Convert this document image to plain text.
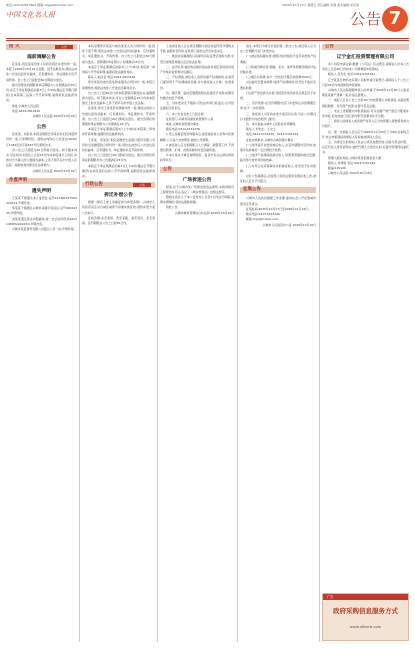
电话:(0414)2813801 邮箱:xfggs@bxrbxp.com
中国文化名人报
2020年10月17日 星期五 责任编辑:李静 美术编辑:李佳雨
公告 7
招 天	公告
庭前调解公告

张某某,因张某某诉你人民政府拆迁补偿纠纷一案,本院于2020年10月16日受理。因无法联系你,现依法向你公告送达起诉状副本、应诉通知书、举证通知书及开庭传票。自公告之日起经过60日即视为送达。

提出答辩状的期限和举证期限为公告期满后的15日内,并定于举证期满后的第3日上午9时(遇法定节假日顺延)在本院第三法庭公开开庭审理,逾期将依法缺席判决。

地址:兴城市人民法院

电话:0414-2813520

兴城市人民法院 2020年10月16日
公告

张某某、刘某某:本院受理原告李某诉你们民间借贷纠纷一案,已审理终结。现依法向你们公告送达(2020)辽1481民初字第567号民事判决书。

自公告之日起经过60日即视为送达。如不服本判决,可在判决书送达之日起15日内向本院递交上诉状,并按对方当事人的人数提出副本,上诉于葫芦岛市中级人民法院。逾期本判决即发生法律效力。

兴城市人民法院 2020年10月16日
作废声明
遗失声明

王某某不慎遗失本人身份证,证号2114811975XXXX0213,声明作废。

李某某不慎遗失兴城市房屋所有权证,证号00012345,声明作废。

刘某某遗失营业执照副本,统一社会信用代码92211481MA0XXXXX,声明作废。

兴城市某某商贸有限公司遗失公章一枚,声明作废。

本院受理原告某某与被告某某买卖合同纠纷一案,因你下落不明,现依法向你公告送达起诉状副本、应诉通知书、举证通知书、开庭传票。自公告之日起经过30日即视为送达。答辩期和举证期为公告期满后15日内。

本案定于举证期满后的第3日上午9时在本院第一审判庭公开开庭审理,逾期将依法缺席判决。

联系人:赵法官 电话:0414-2813518

原告某某诉被告某某物业服务合同纠纷一案,本院已审理终结,现依法向你公告送达民事判决书。

自公告之日起60日内来本院领取民事判决书,逾期即视为送达。如不服本判决,可在公告期满后15日内向本院递交上诉状及副本,上诉于葫芦岛市中级人民法院。

张某某:原告王某某诉你离婚纠纷一案,现依法向你公告送达起诉状副本、应诉通知书、举证通知书、开庭传票。自公告之日起经过60日即视为送达。提出答辩状的期限和举证期限为公告期满后15日内。

本案定于举证期满后第3日上午9时在本院第二审判庭开庭审理,逾期将依法缺席判决。

王某某、李某某:本院受理原告某银行股份有限公司诉你们金融借款合同纠纷一案,现依法向你们公告送达起诉状副本、应诉通知书、举证通知书及开庭传票。

自公告之日起经过30日即视为送达。提出答辩状和举证的期限均为公告期满后15日内。

本院定于举证期满后的第3日上午9时(遇法定节假日顺延)在本院第四法庭公开开庭审理,逾期将依法缺席判决。

行政公告	公告
拆迁补偿公告

根据《国有土地上房屋征收与补偿条例》,兴城市人民政府决定对古城区域部分房屋实施征收,现将补偿方案公告如下。

征收范围:东至某街、西至某路、南至某河、北至某巷。签约期限自公告之日起30日内。

上述被征收人应在规定期限内到征收指挥部办理相关手续,逾期未签约的,征收部门将依法作出补偿决定。

一、被征收房屋面积以房屋所有权证登记面积为准;未登记建筑经调查认定后依法处理。

二、货币补偿:被征收房屋价值由具有相应资质的房地产价格评估机构评估确定。

三、产权调换:被征收人选择房屋产权调换的,征收部门提供用于产权调换的房屋,并与被征收人计算、结清差价。

四、搬迁费、临时安置费按相关标准给予补助;按期签约搬迁的给予奖励。

五、对补偿决定不服的,可依法申请行政复议,也可依法提起行政诉讼。

六、本公告自发布之日起生效。

征收部门:兴城市房屋征收管理办公室

地址:兴城市某街道办事处

联系电话:0414-5151236

1.设立房屋征收咨询服务点,接受被征收人咨询与政策解释,公示各户补偿情况,做到公开透明。

2.被征收人应当积极配合入户调查、测量等工作,不得擅自新建、扩建、改建房屋和改变房屋用途。

3.本方案未尽事宜按照国家、省及市有关法律法规和政策执行。

公告
广场拆违公告

经查,位于兴城市某广场周边的违法建筑,未取得建设工程规划许可证,违反了《城乡规划法》的相关规定。

限相关责任人于本公告发布之日起7日内自行拆除,逾期未拆除的,将依法强制拆除。

特此公告。

兴城市城市管理综合执法局 2020年10月16日

备注:本项目为拆迁补偿的第二批次公告,被征收人应当在公告期限内签订补偿协议。

(一)被征收房屋补偿:按照评估价格给予货币补偿或产权调换。

(二)附属设施补偿:围墙、水井、地坪等附属设施按评估价格补偿。

(三)搬迁补助费:每户一次性给予搬迁补助费3000元。

(四)临时安置补助费:选择产权调换的,按月给予临时安置补助费。

(五)停产停业损失补偿:对经营性用房按有关规定给予补偿。

二、签约奖励:在签约期限内签订补偿协议并按期搬迁的,给予一次性奖励。

三、被征收人对征收补偿方案有异议的,可在公告期内以书面形式向征收部门提出。

四、本方案由兴城市人民政府负责解释。

联系人:刘先生、王女士

电话:0414-5151238、0414-5151239

征收实施单位:兴城市古城街道办事处

(一)选择货币补偿的被征收人,在签约期限内签约的,按照评估价格的一定比例给予奖励。

(二)选择产权调换的被征收人,按照套型面积就近安置,超出部分按市场价格结算。

(三)对符合住房保障条件的被征收人,优先给予住房保障。

(四)公告期满后,征收部门将依法组织实施征收工作,被征收人应当予以配合。

征集公告

兴城市人民政府根据工作需要,面向社会公开征集城市建设意见建议。

征集时间:2020年10月17日至2020年11月16日。

联系电话:0414-5151240

邮箱:xcjs@bxrbxp.com

兴城市人民政府办公室 2020年10月16日
公告
辽宁金汇投资管理有限公司

本公司拟申请注销,根据《公司法》有关规定,请债权人自本公告发布之日起45日内向本公司清算组申报债权。

联系人:张先生 电话:0414-5151241

辽宁某某生物科技有限公司拟申请注销登记,请债权人于公告之日起45日内向清算组申报债权。

兴城市人民法院根据申请人的申请,于2020年10月16日立案受理某某破产清算一案,并指定管理人。

一、债权人应自公告之日起30日内向管理人申报债权,书面说明债权数额、有无财产担保,并提交有关证据。

二、未在上述期限内申报债权的,可以在破产财产最后分配前补充申报,但对此前已进行的分配无权要求补充分配。

三、债务人的债务人或者财产持有人应当向管理人清偿债务或交付财产。

四、第一次债权人会议定于2020年11月20日上午9时在本院召开,依法申报债权的债权人有权参加债权人会议。

五、出席会议的债权人系法人或其他组织的,应提交营业执照、法定代表人身份证明书;委托代理人出席会议的,应提交特别授权委托书。

管理人联系地址:兴城市某某街道某某大厦

联系人:李律师 电话:0414-5151242

邮编:125100

兴城市人民法院 2020年10月16日

广告
政府采购信息服务方式
www.xfbxrb.com
